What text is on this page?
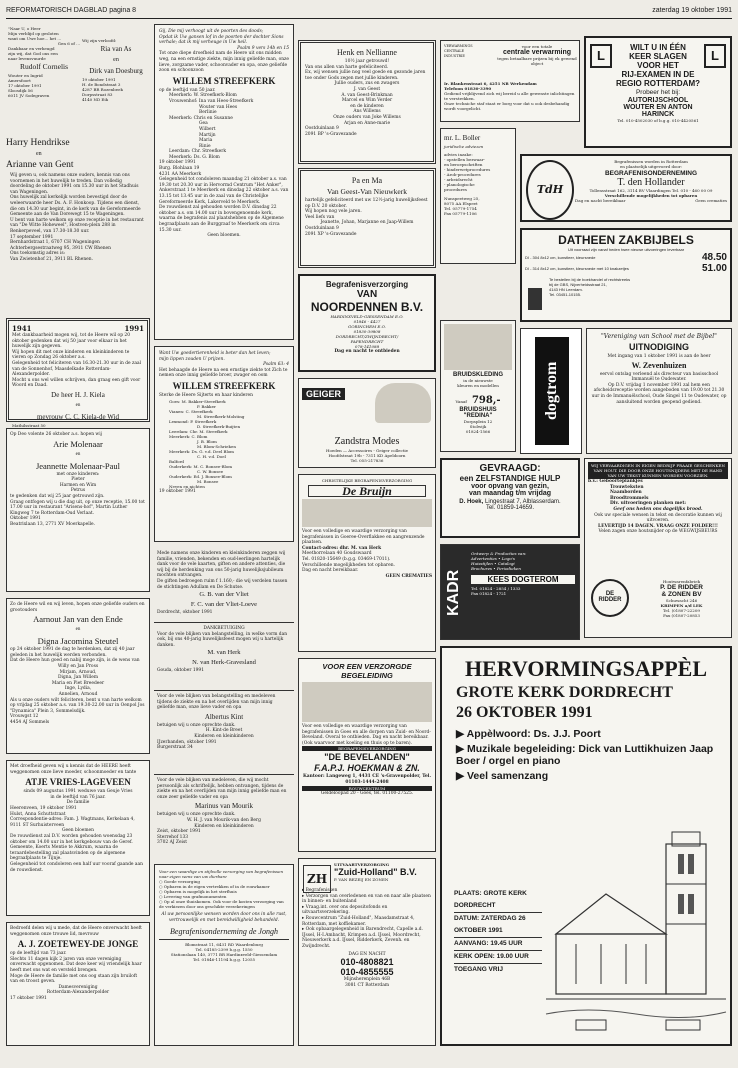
REFORMATORISCH DAGBLAD pagina 8	zaterdag 19 oktober 1991

"Naar U, o Heer

Mijn verblijd op gesloten

want om Uwe hoe... het ...

Gen 6 of ...

Dankbaar en verheugd

zijn wij, dat God ons een

naar levensvuurde

Rudolf Cornelis

Wouter en Ingrid

Amersfoort

17 oktober 1991

Sloosdijk 56

6011 JV Sodegraven

Wij zijn verloofd:

Ria van As

en

Dirk van Doesburg

19 oktober 1991

H. de Bondstraat 3

4287 BR Rozenbeek

Dorpsstraat 83

4140 ND Eik

Harry Hendrikse

en

Arianne van Gent

Wij geven u, ook namens onze ouders, kennis van ons voornemen in het huwelijk te treden. Dan volledig doordeling de oktober 1991 om 15.30 uur in het Stadhuis van Wageningen.

Ons huwelijk zal kerkelijk worden bevestigd door de weleerwaarde heer Ds. A. F. Honkoop. Tijdens een dienst, die om 14.30 uur begint, in de kerk van de Gereformeerde Gemeente aan de Van Dorewegt 15 te Wageningen.

U bent van harte welkom op onze receptie in het restaurant van "De Witte Hoheweel", Hostven-plein 288 in Renkerpeveel, van 17.30-18.30 uur.

17 september 1991

Bernhardstraat 1, 6707 CH Wageningen

Achterbergsestraatweg 95, 3911 CW Rhenen

Ons toekomstig adres is:

Van Zwietenhof 21, 3911 BL Rhenen.

1941	1991

Met dankbaarheid mogen wij, tot de Heere wil op 20 oktober gedenken dat wij 50 jaar voor elkaar in het huwelijk zijn gegeven.

Wij hopen dit met onze kinderen en kleinkinderen te vieren op Zondag 26 oktober a.s.

Gelegenheid tot feliciteren van 16.30-21.30 uur in de zaal van de Sonnenhof, Maasdelkade Rotterdam-Alexanderpolder.

Mocht u ons wel willen schrijven, dan graag een gift voor Woord en Daad.

De heer H. J. Kiela

en

mevrouw C. C. Kiela-de Wid

Mathilsstraat 50

Op Deo volente 26 oktober a.s. hopen wij

Arie Molenaar

en

Jeannette Molenaar-Paul

met onze kinderen:

Pieter

Harmen en Wim

Petrus

te gedenken dat wij 25 jaar getrouwd zijn.

Graag ontfogen wij u die dag uit, op onze receptie, 15.00 tot 17.00 uur in restaurant "Arisens-hof", Martin Luther Kingweg 7 te Rotterdam-Oud Verlaat.

Oktober 1991

Beatrixlaan 13, 2771 XV Moerkapelle.

Zo de Heere wil en wij leven, hopen onze geliefde ouders en grootouders

Aarnout Jan van den Ende

en

Digna Jacomina Steutel

op 24 oktober 1991 de dag te herdenken, dat zij 40 jaar geleden in het huwelijk werden verbonden.

Dat de Heere hun goed en nabij moge zijn, is de wens van

Willy en Jan Pross

Mirjam, Arnoud,

Digna, Jan Willem

Maria en Piet Breedeer

Inge, Lydia,

Annelien, Arnoud

Als u onze ouders wilt feliciteren, bent u van harte welkom op vrijdag 25 oktober a.s. van 19.30-22.00 uur in Oenpol Jos "Dynamica" Plein 3, Sommelsdijk.

Vrouwgst 12

4454 AJ Sommels

Met droefheid geven wij u kennis dat de HEERE heeft weggenomen onze lieve moeder, schoonmoeder en tante

ATJE VRIES-LAGEVEEN

sinds 09 augustus 1991 weduwe van Geuje Vries

in de leeftijd van 76 jaar.

De familie

Heerenveen, 19 oktober 1991

Hulst, Anna Schuttstraat

Correspondentie-adres: Fam. J. Wagtmans, Kerkelaan 4, 9111 ST Surhuisterveen

Geen bloemen

De rouwdienst zal D.V. worden gehouden woensdag 23 oktober om 14.00 uur in het kerkgebouw van de Geref. Gemeente, Koerts Mentie te Akkrum, waarna de teraardebestelling zal plaatsvinden op de algemene begraafplaats te Tijnje.

Gelegenheid tot condoleren een half uur vooraf gaande aan de rouwdienst.

Bedroefd delen wij u mede, dat de Heere onverwacht heeft weggenomen onze trouwe lid, mevrouw

A. J. ZOETEWEY-DE JONGE

op de leeftijd van 73 jaar.

Slechts 11 dagen kijk 2 jaren van onze vereniging onverwacht opgenomen. Dat deze keer wij vriendelijk haar heeft met ons wat en versteld brengen.

Moge de Heere de familie met ons oog staan zijn bruiloft van en troost geven.

Damesvereniging

Rotterdam-Alexanderpolder

17 oktober 1991

Gij, Die mij verhoogt uit de poorten des doods;

Opdat ik Uw gansen lof in de poorten der dochter Sions verhale; dat ik mij verheuge in Uw heil.

Psalm 9 vers 14b en 15

Tot onze diepe droefheid nam de Heere uit ons midden weg, na een ernstige ziekte, mijn innig geliefde man, onze lieve, zorgzame vader, schoonvader en opa, onze geliefde zoon en schoonzoon

WILLEM STREEFKERK

op de leeftijd van 50 jaar.

Meerkerk: W. Streefkerk-Blom

Vrouwenhof: Ina van Hees-Streefkerk

Wouter van Hees

Berlinie

Meerkerk: Chris en Susanne

Gea

Wilbert

Martijn

Maria

Rinie

Leerdam: Chr. Streefkerk

Meerkerk: Ds. G. Blom

19 oktober 1991

Burg. Blohlaan 19

4231 AA Meerkerk

Gelegenheid tot condoleren maandag 21 oktober a.s. van 19.30 tot 20.30 uur in Hervormd Centrum "Het Anker", Ankerstraat 1 te Meerkerk en dinsdag 22 oktober a.s. van 13.15 tot 13.45 uur in de zaal van de Christelijke Gereformeerde Kerk, Lakerveld te Meerkerk.

De rouwdienst zal gehouden worden D.V. dinsdag 22 oktober a.s. om 14.00 uur in bovengenoemde kerk, waarna de begrafenis zal plaatshebben op de Algemene begraafplaats aan de Burggraaf te Meerkerk om circa 15.30 uur.

Geen bloemen.

Want Uw goedertierenheid is beter dan het leven;

mijn lippen zouden U prijzen.

Psalm 63: 4

Het behaagde de Heere na een ernstige ziekte tot Zich te nemen onze innig geliefde broer, zwager en oom

WILLEM STREEFKERK

Sterke de Heere Sijterts en haar kinderen

Goes: M. Bakker-Streefkerk

P. Bakker

Vianen: C. Streefkerk

M. Streefkerk-Molsting

Lexmond: P. Streefkerk

D. Streefkerk-Buijten

Leerdam: Chr. M. Streefkerk

Meerkerk: C. Blom

J. B. Blom

M. Blom-Schrieken

Meerkerk: Ds. G. v.d. Deel Blom

C. H. v.d. Doel

Balford

Ouderkerk: M. C. Bonsee-Blom

C. W. Bonsee

Ouderkerk: Ed. J. Bonsee-Blom

M. Bonsee

Neven en nichten

19 oktober 1991

Mede namens onze kinderen en kleinkinderen zeggen wij familie, vrienden, bekenden en oud-leerlingen hartelijk dank voor de vele kaarten, giften en andere attenties, die wij bij de herdenking van ons 50-jarig huwelijksjubileum mochten ontvangen.

De giften bedroegen ruim f 1.160,- die wij verdelen tussen de stichtingen Adullam en De Schutse.

G. B. van der Vliet

F. C. van der Vliet-Loeve

Dordrecht, oktober 1991

DANKBETUIGING

Voor de vele blijken van belangstelling, in welke vorm dan ook, bij ons 40-jarig huwelijksfeest mogen wij u hartelijk danken.

M. van Herk

N. van Herk-Gravesland

Gouda, oktober 1991

Voor de vele blijken van belangstelling en medeleven tijdens de ziekte en na het overlijden van mijn innig geliefde man, onze lieve vader en opa

Albertus Kint

betuigen wij u onze oprechte dank.

H. Kint-de Breet

Kinderen en kleinkinderen

IJzerbanden, oktober 1991

Burgerstraat 34

Voor de vele blijken van medeleven, die wij mocht persoonlijk als schriftelijk, hebben ontvangen, tijdens de ziekte en na het overlijden van mijn innig geliefde man en onze zeer geliefde vader en opa

Marinus van Mourik

betuigen wij u onze oprechte dank.

W. H. J. van Mourik-van den Berg

Kinderen en kleinkinderen

Zeist, oktober 1991

Sterrehof 133

3702 AJ Zeist

Voor een waardige en stijlvolle verzorging van begrafenissen naar eigen wens van uw dierbare

○ Goede verzorging

○ Opbaren in de eigen vertrekken of in de rouwkamer

○ Opbaren is mogelijk in het sterfhuis

○ Levering van grafmonumenten

○ Op al onze thuiskomen. Ook voor de kosten verzorging van de verkiezen door ons geschikte verzekeringen

Al uw persoonlijke wensen worden door ons in alle rust, vertrouwelijk en met bereidwilligheid behandeld.

Begrafenisonderneming de Jongh

Blomstraat 11, 6431 RD Waardenburg

Tel. 04185-2399 b.g.g. 1550

Stationslaan 140, 3771 BR Hardinxveld-Giessendam

Tel. 01846-11194 b.g.g. 12055

Henk en Nellianne

10½ jaar getrouwd!

Van ons allen van harte gefeliciteerd.

Ex, wij wensen jullie nog veel goede en gezonde jaren toe onder Gods zegen met jullie kinderen.

Jullie ouders, zus en zwagers

J. van Geest

A. van Geest-Brinkman

Marcel en Wim Verder

en de kinderen

Ans Willems

Onze ouders van Joke Willems

Arjan en Anne-marie

Oostduinlaan 9

2091 BP 's-Gravezande

Pa en Ma

Van Geest-Van Nieuwkerk

hartelijk gefeliciteerd met uw 12½-jarig huwelijksfeest op D.V. 20 oktober.

Wij hopen nog vele jaren.

Veel liefs van

Jeanette, Johan, Marjanne en Jaap-Willem

Oostduinlaan 9

2091 XP 's-Gravezande

Begrafenisverzorging

VAN

NOORDENNEN B.V.

HARDINXVELD-GIESSENDAM E.O.

01846 - 4427

GORINCHEM E.O.

01830-39808

DORDRECHT/ZWIJNDRECHT/

PAPENDRECHT

078-141088

Dag en nacht te ontbieden

GEIGER

Zandstra Modes

Hoeden — Accessoires - Geiger collectie

Hoofdstraat 19b - 7311 KD Apeldoorn

Tel. 055-217836

CHRISTELIJKE BEGRAFENISVERZORGING

De Bruijn

Voor een volledige en waardige verzorging van begrafenissen in Goeree-Overflakkee en aangrenzende plaatsen.

Contact-adres: dhr. M. van Herk

Meethorrelaan 40 Goudswaard

Tel. 01820-15649 (b.g.g. 03469-17011).

Verschillende mogelijkheden tot opbaren.

Dag en nacht bereikbaar.

GEEN CREMATIES

VOOR EEN VERZORGDE

BEGELEIDING

Voor een volledige en waardige verzorging van begrafenissen in Goes en alle dorpen van Zuid- en Noord-Beveland. Overal te ontbieden. Dag en nacht bereikbaar.

(Ook waarvoor met koeling en thuis op te baren).

BEGRAFENISVERZORGING

"DE BEVELANDEN"

F.A.P.J. HOEKMAN & ZN.

Kantoor: Langeweg 1, 4431 CE 's-Gravenpolder, Tel. 01103-1444-2408

ROUWCENTRUM

Geldeloopad 20 - Goes, tel. 01100-27525.

ZH

UITVAARTVERZORGING

"Zuid-Holland" B.V.

P. VAN BEZEIJ EN ZONEN

▸ Begrafenissen

▸ Verzorgen van overledenen en van en naar alle plaatsen in binnen- en buitenland

▸ Vraag.int. over ons depositofonds en uitvaartsverzekering.

▸ Rouwcentrum "Zuid-Holland", Maasdamstraat 4, Rotterdam, met koffiekamer.

▸ Ook opbaargelegenheid in Barendrecht, Capelle a.d. IJssel, H-I.Ambacht, Krimpen a.d. IJssel, Moordrecht, Nieuwerkerk a.d. IJssel, Ridderkerk, Zevenh. en Zwijndrecht.

DAG EN NACHT

010-4808821

010-4855555

Mijnsherenplein 46B

3081 CT Rotterdam

VERWARMINGS

CENTRALE

INDUSTRIE

voor een totale

centrale verwarming

tegen betaalbare prijzen bij ek gewend object

Ir. Blankenstraat 6, 4251 NR Werkendam

Telefoon 01830-3390

Gediend vrijblijvend zich wij bereid u alle gewenste inlichtingen te verstrekken.

Onze techniche staf staat er borg voor dat u ook desbehandig wordt voorgelicht.

L	L

WILT U IN ÉÉN

KEER SLAGEN

VOOR HET

RIJ-EXAMEN IN DE

REGIO ROTTERDAM?

Probeer het bij:

AUTORIJSCHOOL

WOUTER EN ANTON

HARINCK

Tel. 010-4502030 of b.g.g. 010-4420561

mr. L. Boller

juridische adviezen

advies inzake:

- opstellen bezwaar-

en beroepschriften

- hinderwetprocedures

- Arob-procedures

- arbeidsrecht

- planologische

procedures

Nunspeetweg 25,

8075 AA Elspeet

Tel. 05779-1754

Fax 05779-1106

TdH

Begrafenissen worden in Rotterdam

en plaatselijk uitgevoerd door:

BEGRAFENISONDERNEMING

T. den Hollander

Tollensstraat 162, 3114 BV Vlaardingen Tel. 010 - 460 00 09

Verschillende mogelijkheden tot opbaren

Dag en nacht bereikbaar	Geen crematies

DATHEEN ZAKBIJBELS

Uit voorraad zijn vanaf heden twee nieuwe uitvoeringen leverbaar

DI - 304 8x12 cm, kunstleer, kleursnede	48.50
DI - 314 8x12 cm, kunstleer, kleursnede met 10 knakzetjes	51.00

Te bestellen bij de boekhandel of rechtstreeks

bij de GBS, Nijverheidsstraat 21,

4143 HN Leerdam.

Tel. 03451-10155.

BRUIDSKLEDING

in de nieuwste

kleuren en modellen

Vanaf 798,-

BRUIDSHUIS

"REDINA"

Dorpsplein 12

Stolwijk

01824-1566

dogtrom

"Vereniging van School met de Bijbel"

UITNODIGING

Met ingang van 1 oktober 1991 is aan de heer

W. Zevenhuizen

eervol ontslag verleend als directeur van basisschool Immanuël te Oudewater.

Op D.V. vrijdag 1 november 1991 zal hem een afscheidsreceptie worden aangeboden van 19.00 tot 21.30 uur in de Immanuëlschool, Oude Singel 11 te Oudewater, op aansluitend worden geopend gediend.

GEVRAAGD:

een ZELFSTANDIGE HULP

voor opvang van gezin,

van maandag t/m vrijdag

D. Hoek, Lingestraat 7, Alblasserdam.

Tel. 01859-14659.

WIJ VERVAARDIGEN IN EIGEN BEDRIJF FRAAIE GESCHENKEN VAN HOUT. DIE DOOR ONZE HOUTSNIJDERS MET DE HAND VAN UW TEKST KUNNEN WORDEN VOORZIEN.

b.v.: Geboorteplankjes

Trouwteksten

Naamborden

Broodtrommels

Div. uitvoeringen planken met:

Geef ons heden ons dagelijks brood.

Ook uw speciale wensen in tekst en decoratie kunnen wij uitvoeren.

LEVERTIJD 14 DAGEN. VRAAG ONZE FOLDER!!!

Velen zagen onze houtsnijder op de WEGWIJSBEURS

DE
RIDDER

Houtwarenfabriek

P. DE RIDDER

& ZONEN BV

Schuwacht 246

KRIMPEN a/d LEK

Tel. (01807-22209

Fax (01807-20853

KADR

Ontwerp & Producties van:

Advertenties • Logo's

Huisstijlen • Catalogi

Brochures • Periodieken

KEES DOGTEROM

Tel. 01824 - 2854 / 1333

Fax 01824 - 1721

HERVORMINGSAPPÈL

GROTE KERK DORDRECHT

26 OKTOBER 1991

▶ Appèlwoord: Ds. J.J. Poort

▶ Muzikale begeleiding: Dick van Luttikhuizen Jaap Boer / orgel en piano

▶ Veel samenzang

PLAATS: GROTE KERK DORDRECHT
DATUM: ZATERDAG 26 OKTOBER 1991
AANVANG: 19.45 UUR
KERK OPEN: 19.00 UUR
TOEGANG VRIJ
